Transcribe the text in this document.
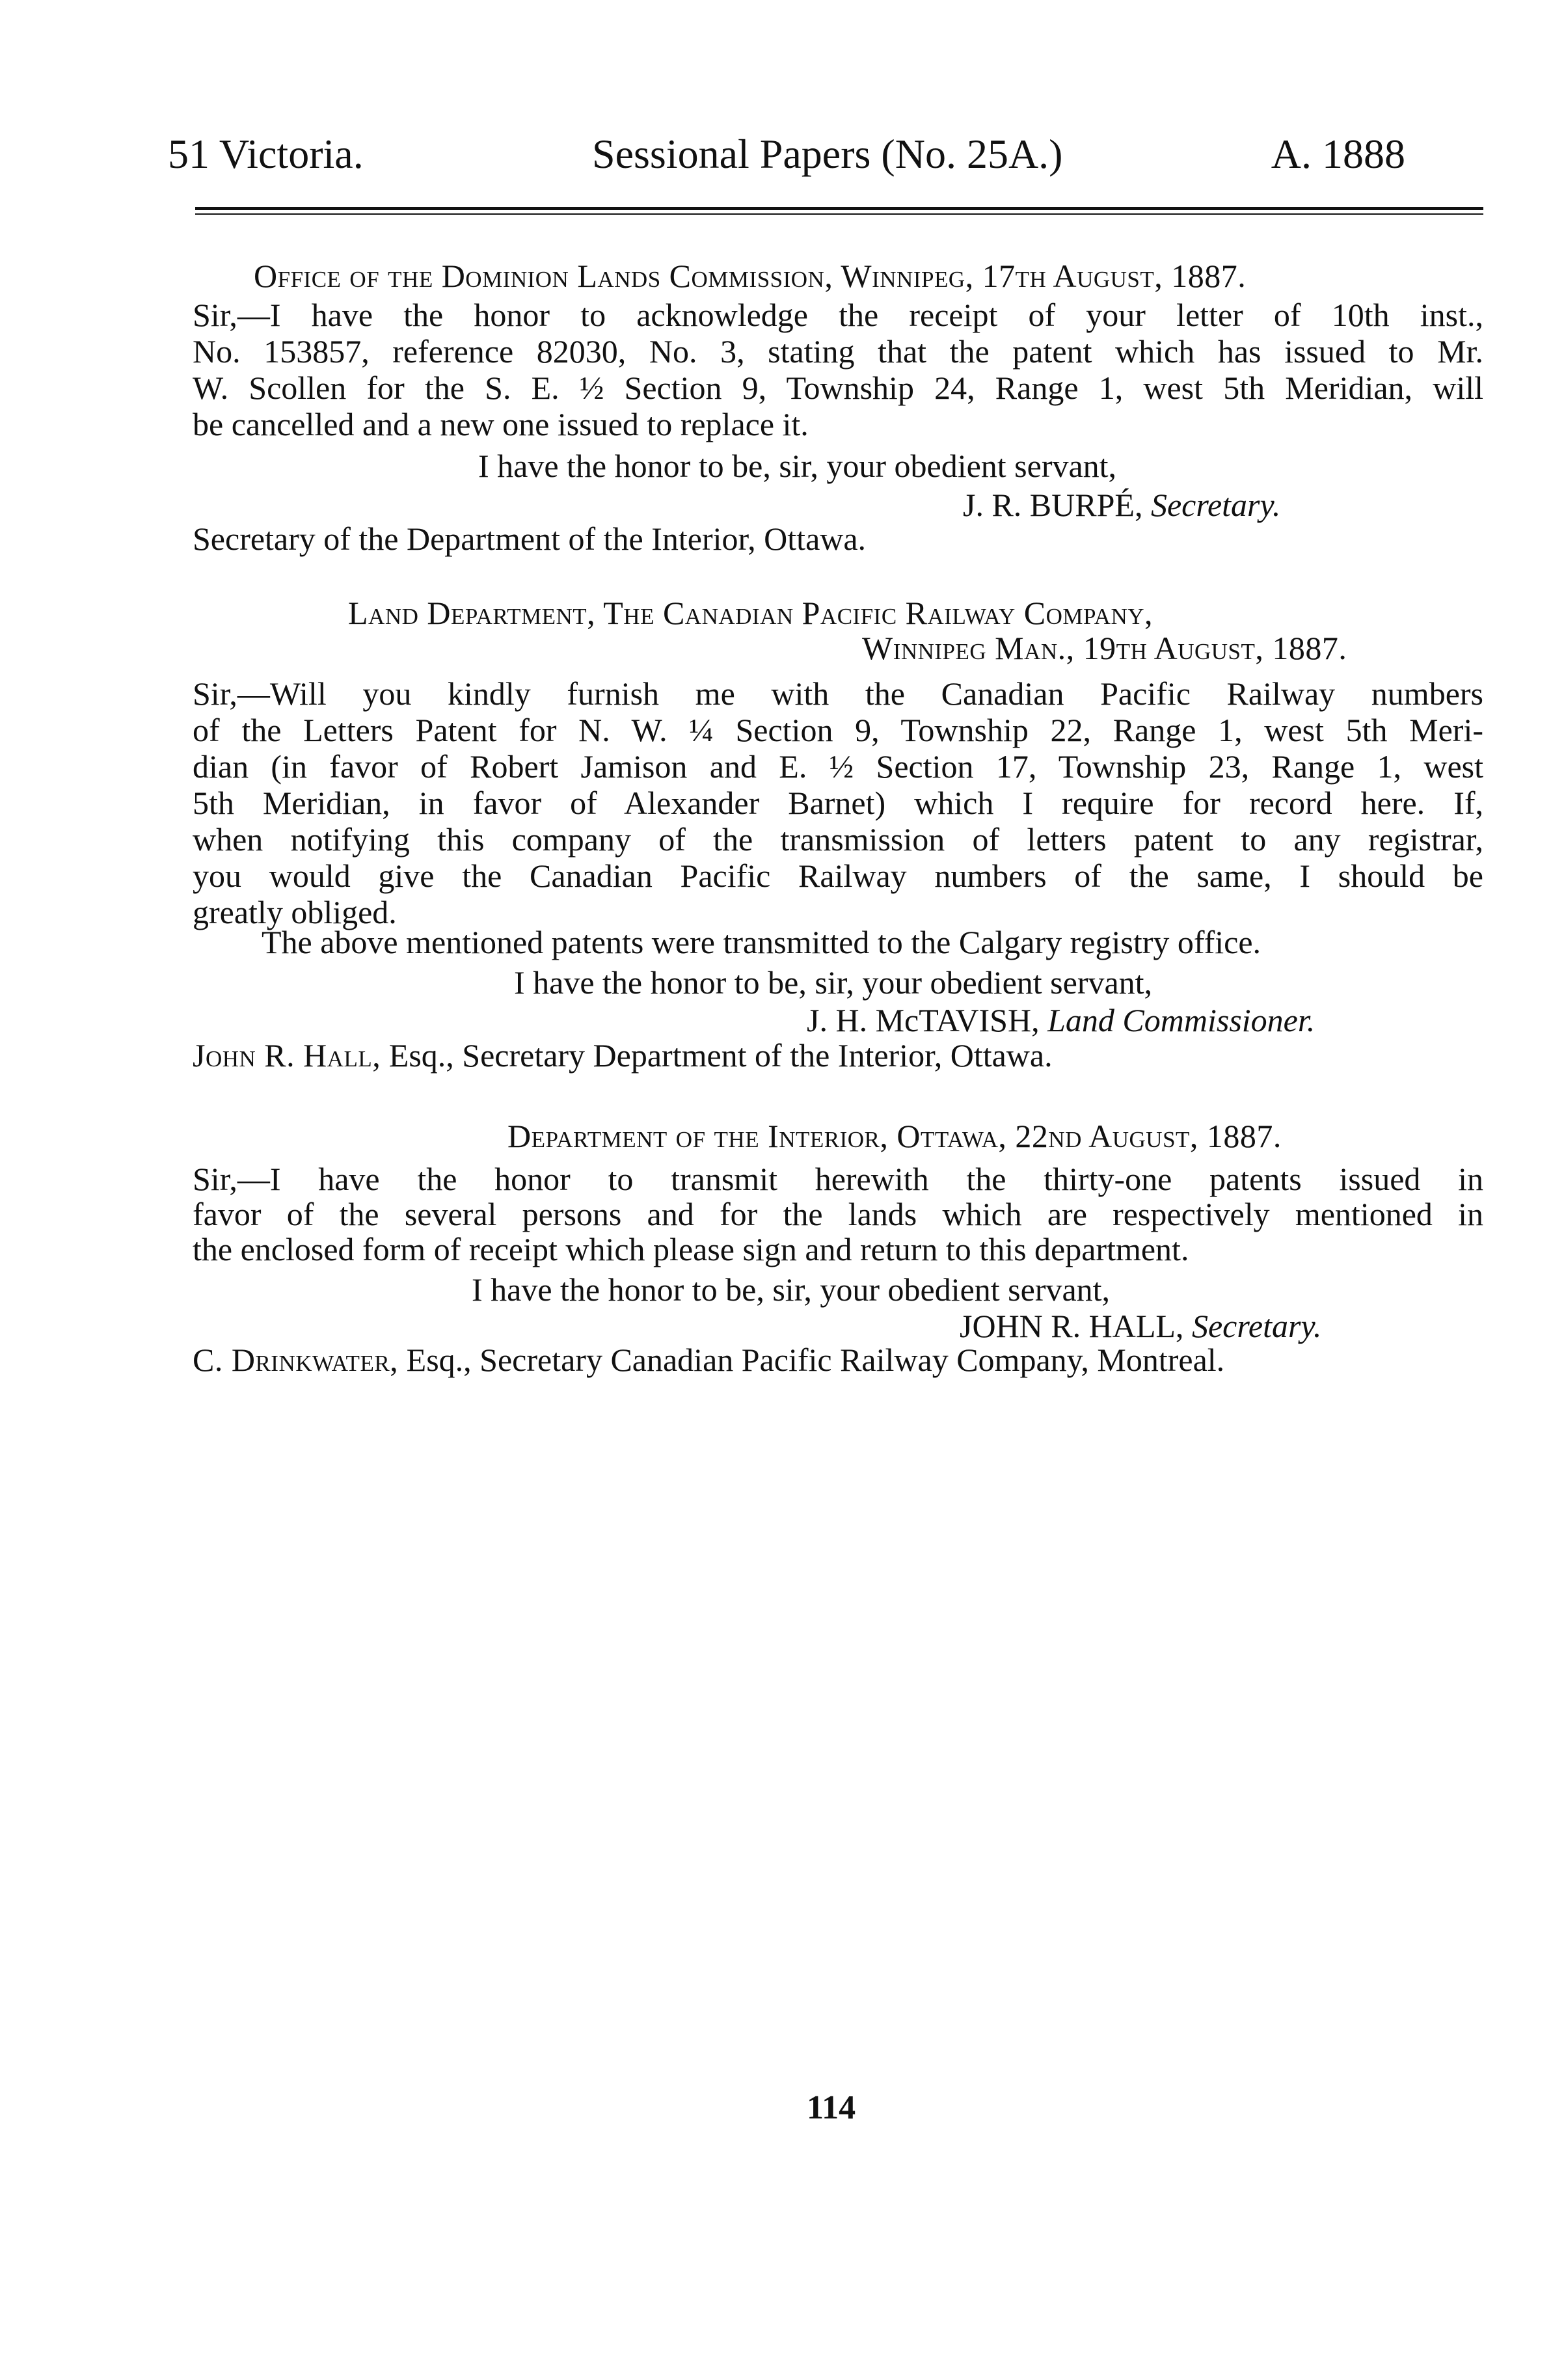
51 Victoria.	Sessional Papers (No. 25A.)	A. 1888
Office of the Dominion Lands Commission, Winnipeg, 17th August, 1887.
Sir,—I have the honor to acknowledge the receipt of your letter of 10th inst.,
No. 153857, reference 82030, No. 3, stating that the patent which has issued to Mr.
W. Scollen for the S. E. ½ Section 9, Township 24, Range 1, west 5th Meridian, will
be cancelled and a new one issued to replace it.
I have the honor to be, sir, your obedient servant,
J. R. BURPÉ, Secretary.
Secretary of the Department of the Interior, Ottawa.
Land Department, The Canadian Pacific Railway Company,
Winnipeg Man., 19th August, 1887.
Sir,—Will you kindly furnish me with the Canadian Pacific Railway numbers
of the Letters Patent for N. W. ¼ Section 9, Township 22, Range 1, west 5th Meri-
dian (in favor of Robert Jamison and E. ½ Section 17, Township 23, Range 1, west
5th Meridian, in favor of Alexander Barnet) which I require for record here. If,
when notifying this company of the transmission of letters patent to any registrar,
you would give the Canadian Pacific Railway numbers of the same, I should be
greatly obliged.
The above mentioned patents were transmitted to the Calgary registry office.
I have the honor to be, sir, your obedient servant,
J. H. McTAVISH, Land Commissioner.
John R. Hall, Esq., Secretary Department of the Interior, Ottawa.
Department of the Interior, Ottawa, 22nd August, 1887.
Sir,—I have the honor to transmit herewith the thirty-one patents issued in
favor of the several persons and for the lands which are respectively mentioned in
the enclosed form of receipt which please sign and return to this department.
I have the honor to be, sir, your obedient servant,
JOHN R. HALL, Secretary.
C. Drinkwater, Esq., Secretary Canadian Pacific Railway Company, Montreal.
114
